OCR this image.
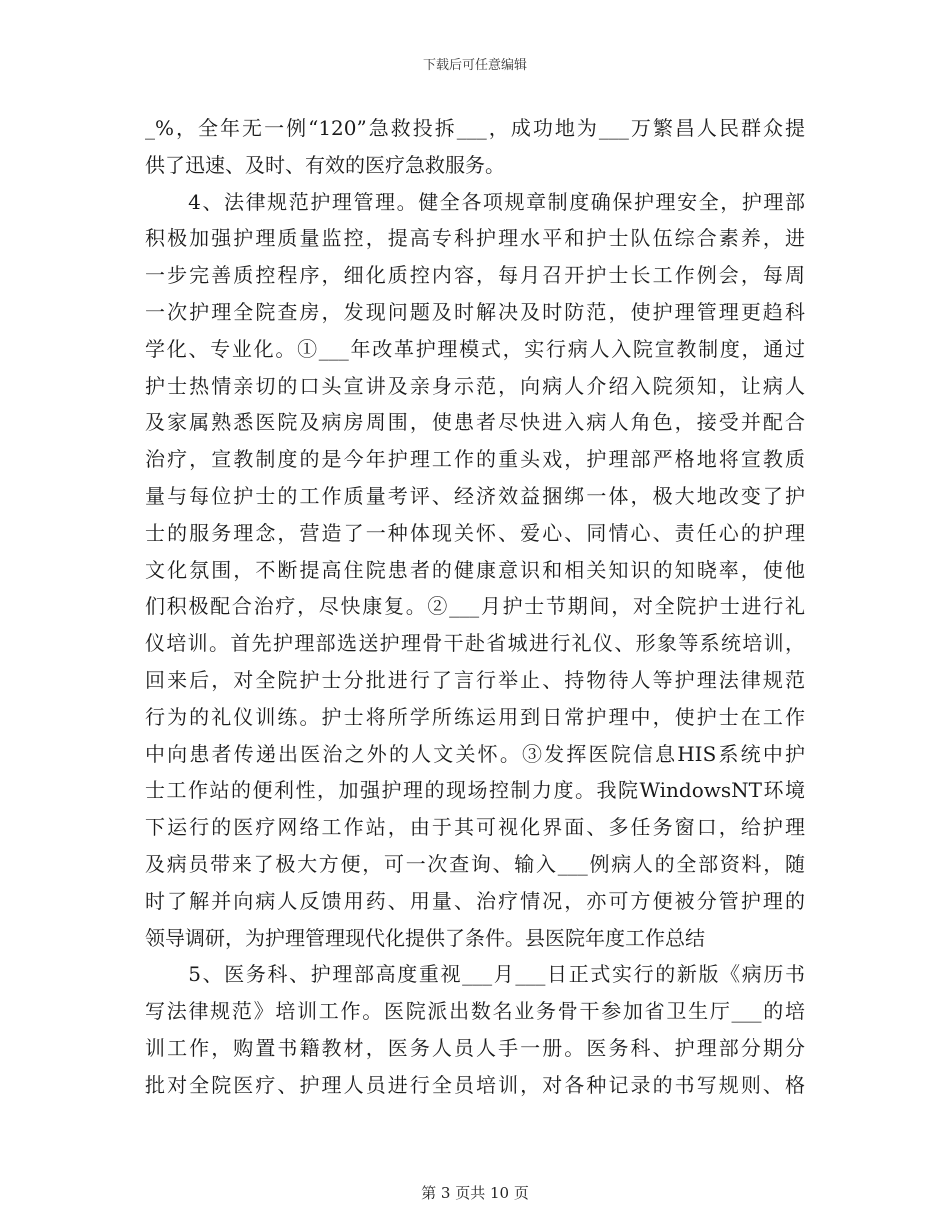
下载后可任意编辑
_%，全年无一例“120”急救投拆___，成功地为___万繁昌人民群众提
供了迅速、及时、有效的医疗急救服务。
　　4、法律规范护理管理。健全各项规章制度确保护理安全，护理部
积极加强护理质量监控，提高专科护理水平和护士队伍综合素养，进
一步完善质控程序，细化质控内容，每月召开护士长工作例会，每周
一次护理全院查房，发现问题及时解决及时防范，使护理管理更趋科
学化、专业化。①___年改革护理模式，实行病人入院宣教制度，通过
护士热情亲切的口头宣讲及亲身示范，向病人介绍入院须知，让病人
及家属熟悉医院及病房周围，使患者尽快进入病人角色，接受并配合
治疗，宣教制度的是今年护理工作的重头戏，护理部严格地将宣教质
量与每位护士的工作质量考评、经济效益捆绑一体，极大地改变了护
士的服务理念，营造了一种体现关怀、爱心、同情心、责任心的护理
文化氛围，不断提高住院患者的健康意识和相关知识的知晓率，使他
们积极配合治疗，尽快康复。②___月护士节期间，对全院护士进行礼
仪培训。首先护理部选送护理骨干赴省城进行礼仪、形象等系统培训，
回来后，对全院护士分批进行了言行举止、持物待人等护理法律规范
行为的礼仪训练。护士将所学所练运用到日常护理中，使护士在工作
中向患者传递出医治之外的人文关怀。③发挥医院信息HIS系统中护
士工作站的便利性，加强护理的现场控制力度。我院WindowsNT环境
下运行的医疗网络工作站，由于其可视化界面、多任务窗口，给护理
及病员带来了极大方便，可一次查询、输入___例病人的全部资料，随
时了解并向病人反馈用药、用量、治疗情况，亦可方便被分管护理的
领导调研，为护理管理现代化提供了条件。县医院年度工作总结
　　5、医务科、护理部高度重视___月___日正式实行的新版《病历书
写法律规范》培训工作。医院派出数名业务骨干参加省卫生厅___的培
训工作，购置书籍教材，医务人员人手一册。医务科、护理部分期分
批对全院医疗、护理人员进行全员培训，对各种记录的书写规则、格
第 3 页共 10 页
